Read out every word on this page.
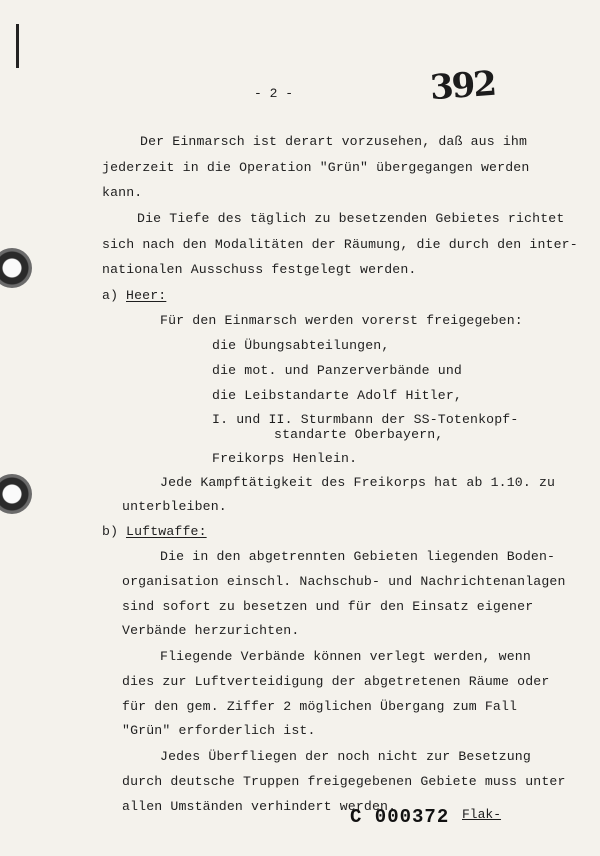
- 2 -	392
Der Einmarsch ist derart vorzusehen, daß aus ihm
jederzeit in die Operation "Grün" übergegangen werden
kann.
Die Tiefe des täglich zu besetzenden Gebietes richtet
sich nach den Modalitäten der Räumung, die durch den inter-
nationalen Ausschuss festgelegt werden.
a) Heer:
Für den Einmarsch werden vorerst freigegeben:
die Übungsabteilungen,
die mot. und Panzerverbände und
die Leibstandarte Adolf Hitler,
I. und II. Sturmbann der SS-Totenkopf-
standarte Oberbayern,
Freikorps Henlein.
Jede Kampftätigkeit des Freikorps hat ab 1.10. zu
unterbleiben.
b) Luftwaffe:
Die in den abgetrennten Gebieten liegenden Boden-
organisation einschl. Nachschub- und Nachrichtenanlagen
sind sofort zu besetzen und für den Einsatz eigener
Verbände herzurichten.
Fliegende Verbände können verlegt werden, wenn
dies zur Luftverteidigung der abgetretenen Räume oder
für den gem. Ziffer 2 möglichen Übergang zum Fall
"Grün" erforderlich ist.
Jedes Überfliegen der noch nicht zur Besetzung
durch deutsche Truppen freigegebenen Gebiete muss unter
allen Umständen verhindert werden.
C 000372 Flak-
